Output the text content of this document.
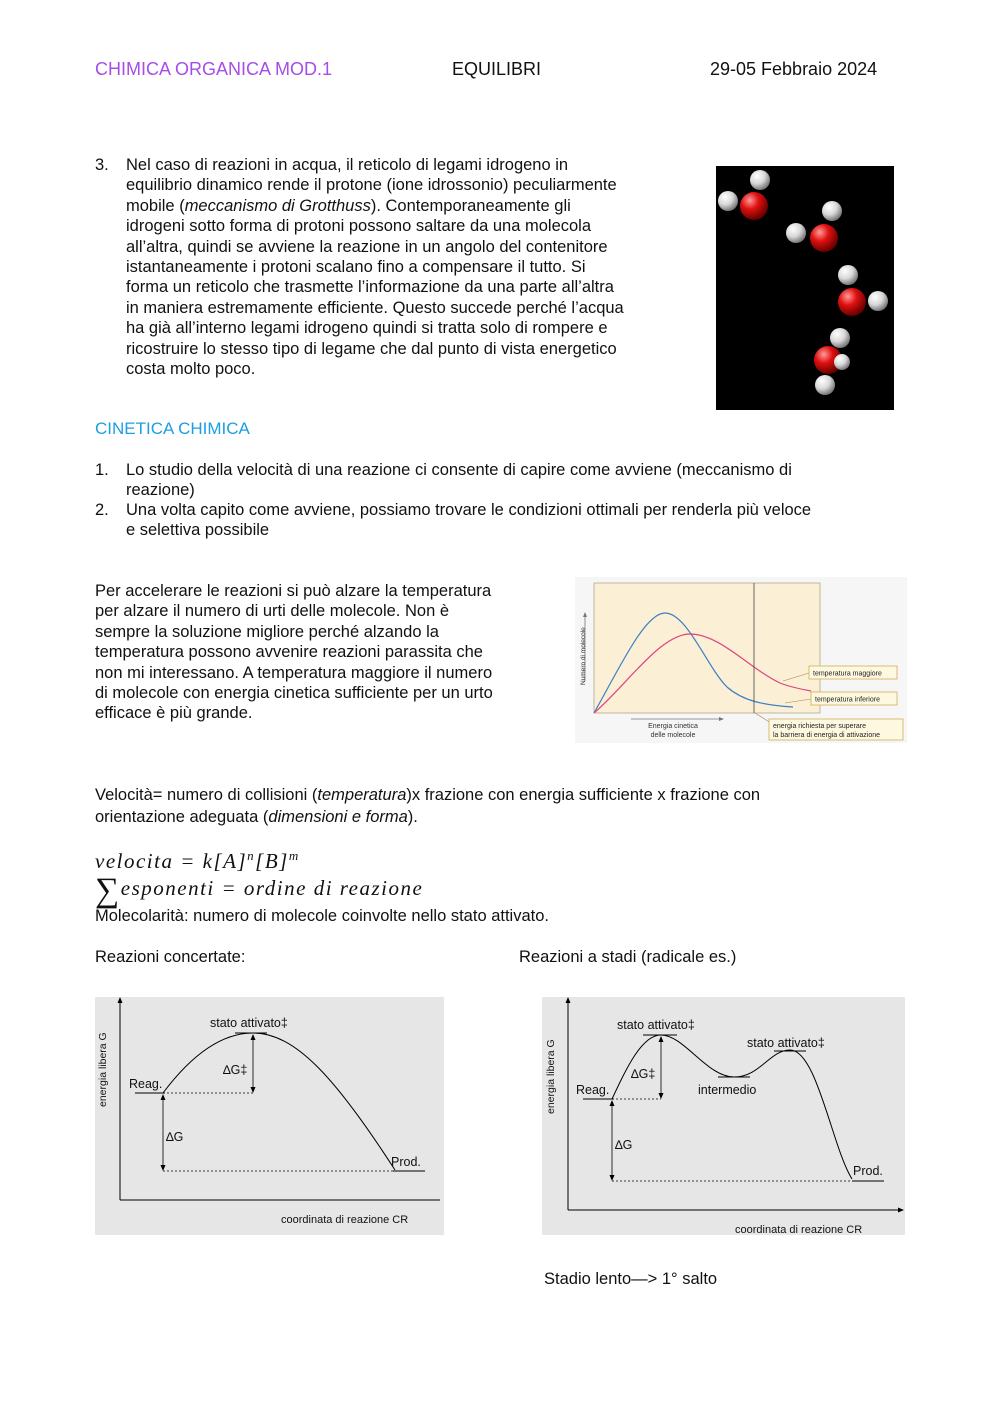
CHIMICA ORGANICA MOD.1	EQUILIBRI	29-05 Febbraio 2024
3. Nel caso di reazioni in acqua, il reticolo di legami idrogeno in
equilibrio dinamico rende il protone (ione idrossonio) peculiarmente
mobile (meccanismo di Grotthuss). Contemporaneamente gli
idrogeni sotto forma di protoni possono saltare da una molecola
all’altra, quindi se avviene la reazione in un angolo del contenitore
istantaneamente i protoni scalano fino a compensare il tutto. Si
forma un reticolo che trasmette l’informazione da una parte all’altra
in maniera estremamente efficiente. Questo succede perché l’acqua
ha già all’interno legami idrogeno quindi si tratta solo di rompere e
ricostruire lo stesso tipo di legame che dal punto di vista energetico
costa molto poco.
CINETICA CHIMICA
1. Lo studio della velocità di una reazione ci consente di capire come avviene (meccanismo di
reazione)
2. Una volta capito come avviene, possiamo trovare le condizioni ottimali per renderla più veloce
e selettiva possibile
Per accelerare le reazioni si può alzare la temperatura
per alzare il numero di urti delle molecole. Non è
sempre la soluzione migliore perché alzando la
temperatura possono avvenire reazioni parassita che
non mi interessano. A temperatura maggiore il numero
di molecole con energia cinetica sufficiente per un urto
efficace è più grande.
Numero di molecole
Energia cinetica
delle molecole
temperatura maggiore
temperatura inferiore
energia richiesta per superare
la barriera di energia di attivazione
Velocità= numero di collisioni (temperatura)x frazione con energia sufficiente x frazione con
orientazione adeguata (dimensioni e forma).
velocita = $k[A]^n[B]^m$
∑esponenti = ordine di reazione
Molecolarità: numero di molecole coinvolte nello stato attivato.
Reazioni concertate:	Reazioni a stadi (radicale es.)
energia libera G
coordinata di reazione CR
stato attivato‡
∆G‡
∆G
Reag.
Prod.
energia libera G
coordinata di reazione CR
stato attivato‡
stato attivato‡
intermedio
∆G‡
∆G
Reag.
Prod.
Stadio lento—> 1° salto
